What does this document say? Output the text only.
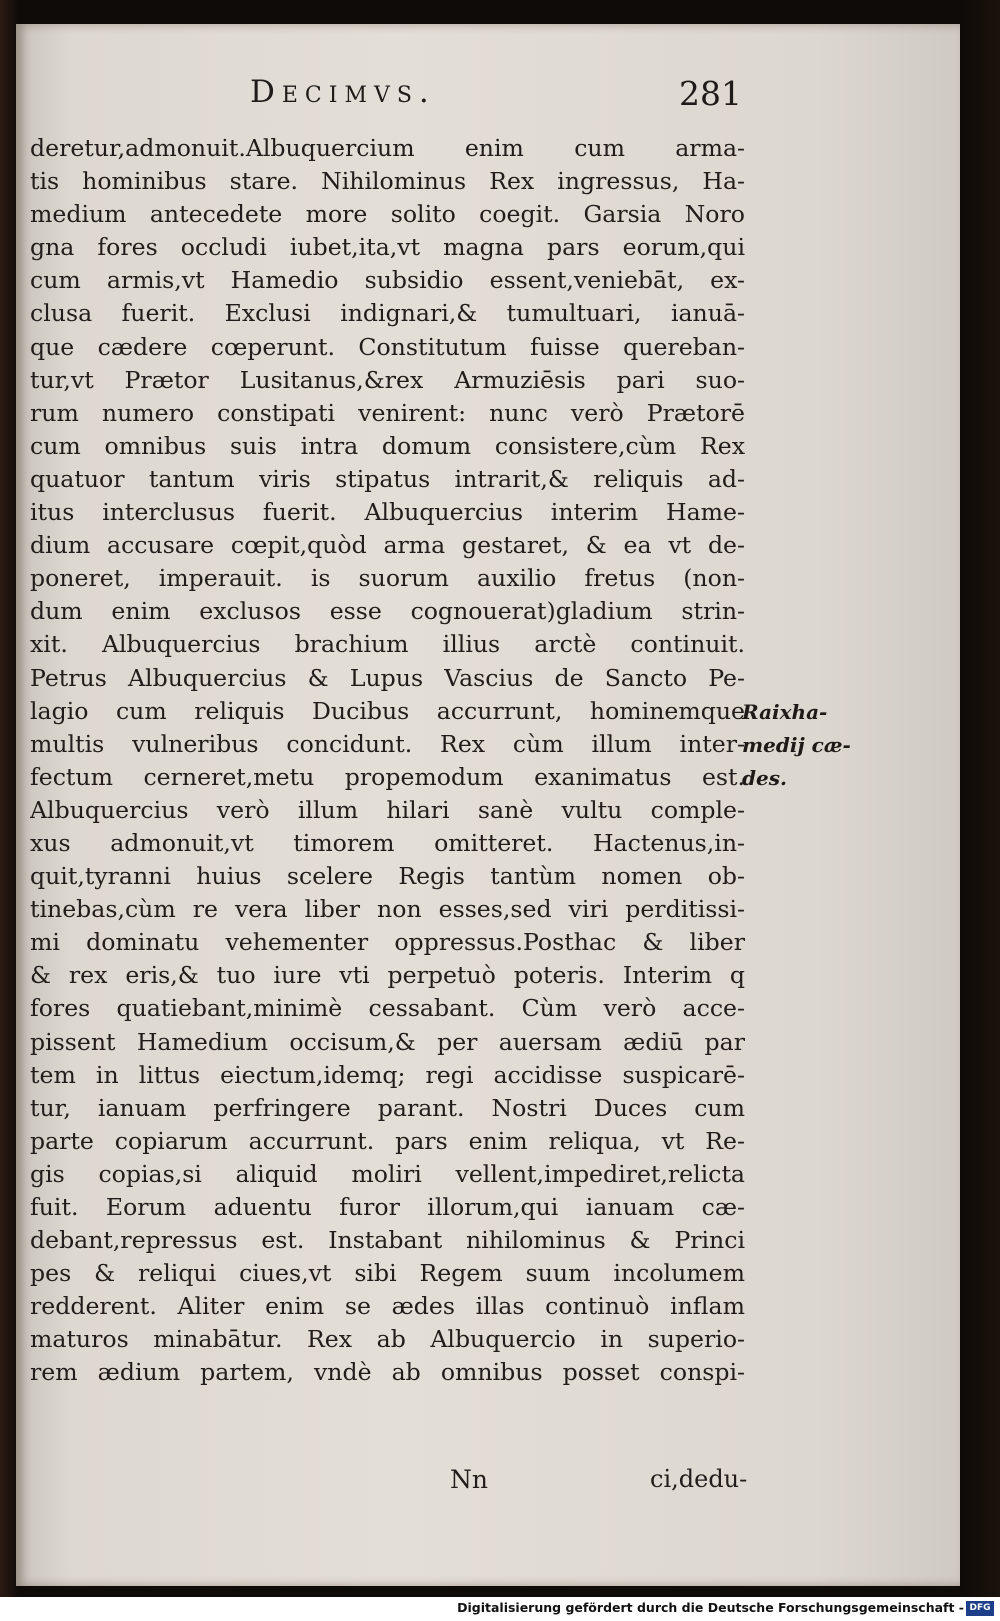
Decimvs.	281
deretur,admonuit.Albuquercium enim cum arma-
tis hominibus stare. Nihilominus Rex ingressus, Ha-
medium antecedete more solito coegit. Garsia Noro
gna fores occludi iubet,ita,vt magna pars eorum,qui
cum armis,vt Hamedio subsidio essent,veniebāt, ex-
clusa fuerit. Exclusi indignari,& tumultuari, ianuā-
que cædere cœperunt. Constitutum fuisse quereban-
tur,vt Prætor Lusitanus,&rex Armuziēsis pari suo-
rum numero constipati venirent: nunc verò Prætorē
cum omnibus suis intra domum consistere,cùm Rex
quatuor tantum viris stipatus intrarit,& reliquis ad-
itus interclusus fuerit. Albuquercius interim Hame-
dium accusare cœpit,quòd arma gestaret, & ea vt de-
poneret, imperauit. is suorum auxilio fretus (non-
dum enim exclusos esse cognouerat)gladium strin-
xit. Albuquercius brachium illius arctè continuit.
Petrus Albuquercius & Lupus Vascius de Sancto Pe-
lagio cum reliquis Ducibus accurrunt, hominemque
multis vulneribus concidunt. Rex cùm illum inter-
fectum cerneret,metu propemodum exanimatus est.
Albuquercius verò illum hilari sanè vultu comple-
xus admonuit,vt timorem omitteret. Hactenus,in-
quit,tyranni huius scelere Regis tantùm nomen ob-
tinebas,cùm re vera liber non esses,sed viri perditissi-
mi dominatu vehementer oppressus.Posthac & liber
& rex eris,& tuo iure vti perpetuò poteris. Interim q
fores quatiebant,minimè cessabant. Cùm verò acce-
pissent Hamedium occisum,& per auersam ædiū par
tem in littus eiectum,idemq; regi accidisse suspicarē-
tur, ianuam perfringere parant. Nostri Duces cum
parte copiarum accurrunt. pars enim reliqua, vt Re-
gis copias,si aliquid moliri vellent,impediret,relicta
fuit. Eorum aduentu furor illorum,qui ianuam cæ-
debant,repressus est. Instabant nihilominus & Princi
pes & reliqui ciues,vt sibi Regem suum incolumem
redderent. Aliter enim se ædes illas continuò inflam
maturos minabātur. Rex ab Albuquercio in superio-
rem ædium partem, vndè ab omnibus posset conspi-
Raixha-
medij cæ-
des.
Nn	ci,dedu-
Digitalisierung gefördert durch die Deutsche Forschungsgemeinschaft - DFG
